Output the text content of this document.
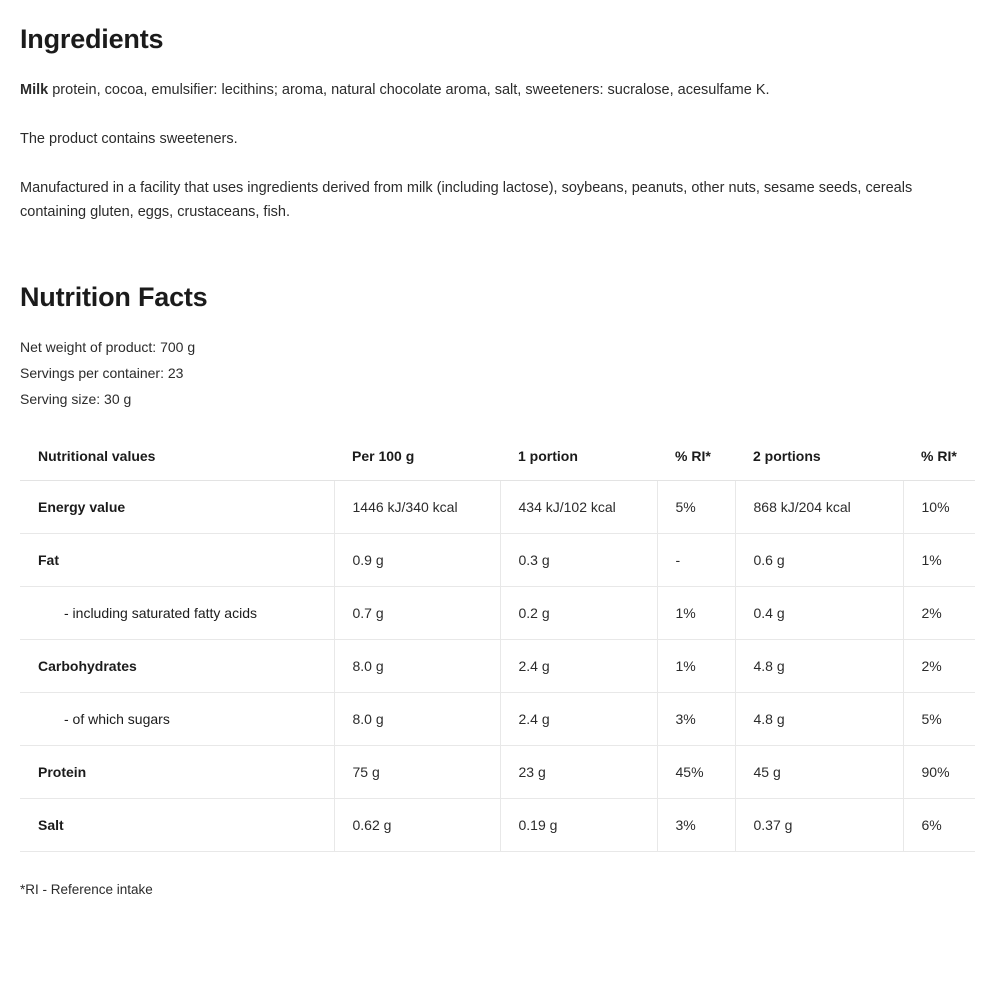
Ingredients

Milk protein, cocoa, emulsifier: lecithins; aroma, natural chocolate aroma, salt, sweeteners: sucralose, acesulfame K.

The product contains sweeteners.

Manufactured in a facility that uses ingredients derived from milk (including lactose), soybeans, peanuts, other nuts, sesame seeds, cereals containing gluten, eggs, crustaceans, fish.

Nutrition Facts
Net weight of product: 700 g
Servings per container: 23
Serving size: 30 g
Nutritional values	Per 100 g	1 portion	% RI*	2 portions	% RI*
Energy value	1446 kJ/340 kcal	434 kJ/102 kcal	5%	868 kJ/204 kcal	10%
Fat	0.9 g	0.3 g	-	0.6 g	1%
- including saturated fatty acids	0.7 g	0.2 g	1%	0.4 g	2%
Carbohydrates	8.0 g	2.4 g	1%	4.8 g	2%
- of which sugars	8.0 g	2.4 g	3%	4.8 g	5%
Protein	75 g	23 g	45%	45 g	90%
Salt	0.62 g	0.19 g	3%	0.37 g	6%
*RI - Reference intake
